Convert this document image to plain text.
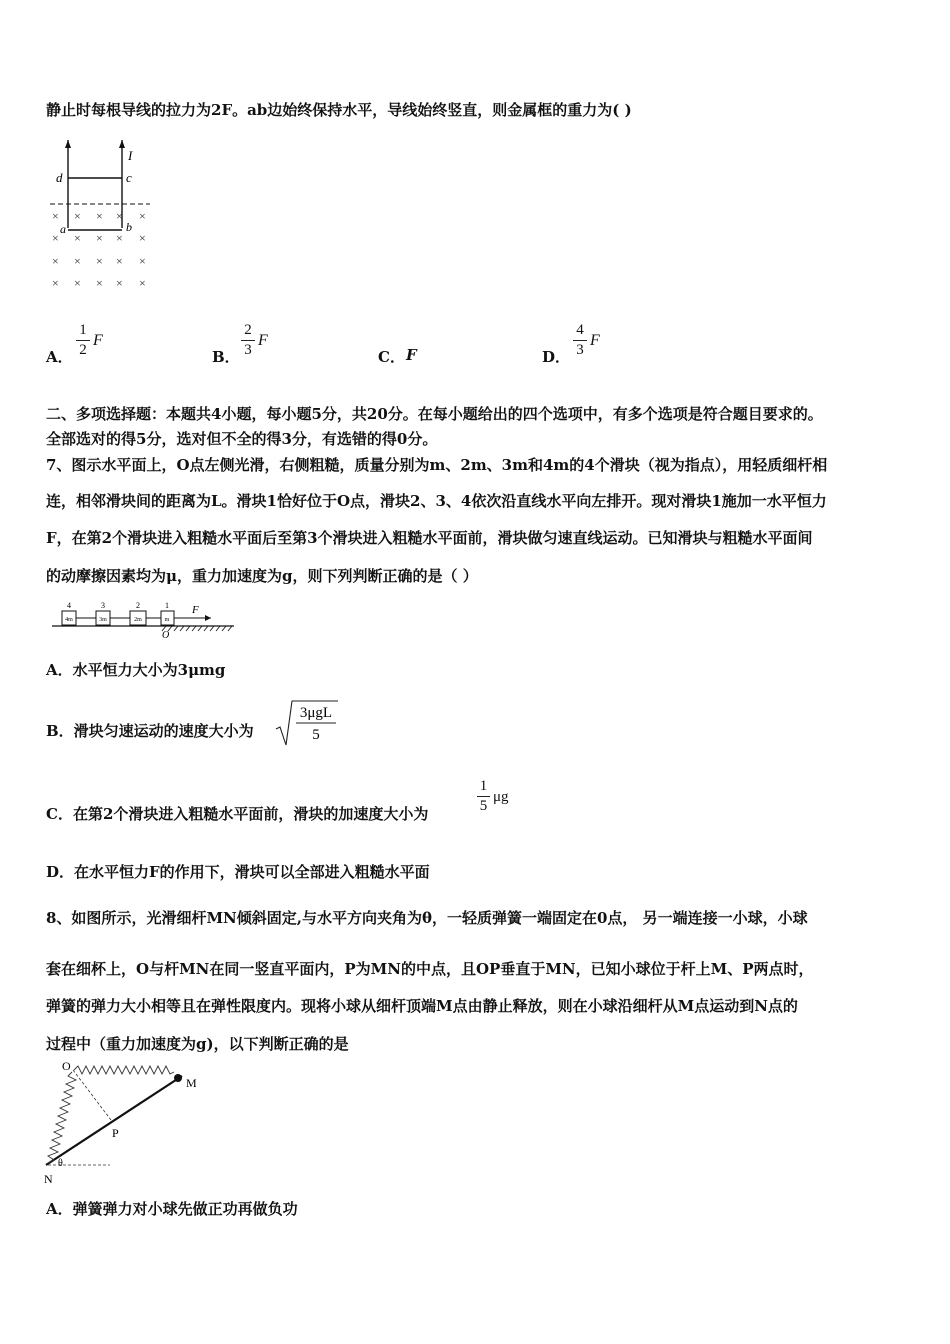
静止时每根导线的拉力为2F。ab边始终保持水平，导线始终竖直，则金属框的重力为( )
I
d	c
a	b
× × × × ×
× × × × ×
× × × × ×
× × × × ×
A．
1
2
F
B．
2
3
F
C． F	D．
4
3
F
二、多项选择题：本题共4小题，每小题5分，共20分。在每小题给出的四个选项中，有多个选项是符合题目要求的。
全部选对的得5分，选对但不全的得3分，有选错的得0分。
7、图示水平面上，O点左侧光滑，右侧粗糙，质量分别为m、2m、3m和4m的4个滑块（视为指点），用轻质细杆相
连，相邻滑块间的距离为L。滑块1恰好位于O点，滑块2、3、4依次沿直线水平向左排开。现对滑块1施加一水平恒力
F，在第2个滑块进入粗糙水平面后至第3个滑块进入粗糙水平面前，滑块做匀速直线运动。已知滑块与粗糙水平面间
的动摩擦因素均为μ，重力加速度为g，则下列判断正确的是（ ）
4	3	2	1
4m	3m	2m	m
F
O
A．水平恒力大小为3μmg
B．滑块匀速运动的速度大小为
3μgL
5
C．在第2个滑块进入粗糙水平面前，滑块的加速度大小为
1
5
μg
D．在水平恒力F的作用下，滑块可以全部进入粗糙水平面
8、如图所示，光滑细杆MN倾斜固定,与水平方向夹角为θ，一轻质弹簧一端固定在0点， 另一端连接一小球，小球
套在细杯上，O与杆MN在同一竖直平面内，P为MN的中点，且OP垂直于MN，已知小球位于杆上M、P两点时，
弹簧的弹力大小相等且在弹性限度内。现将小球从细杆顶端M点由静止释放，则在小球沿细杆从M点运动到N点的
过程中（重力加速度为g)，以下判断正确的是
O
M
P
N
θ
A．弹簧弹力对小球先做正功再做负功
